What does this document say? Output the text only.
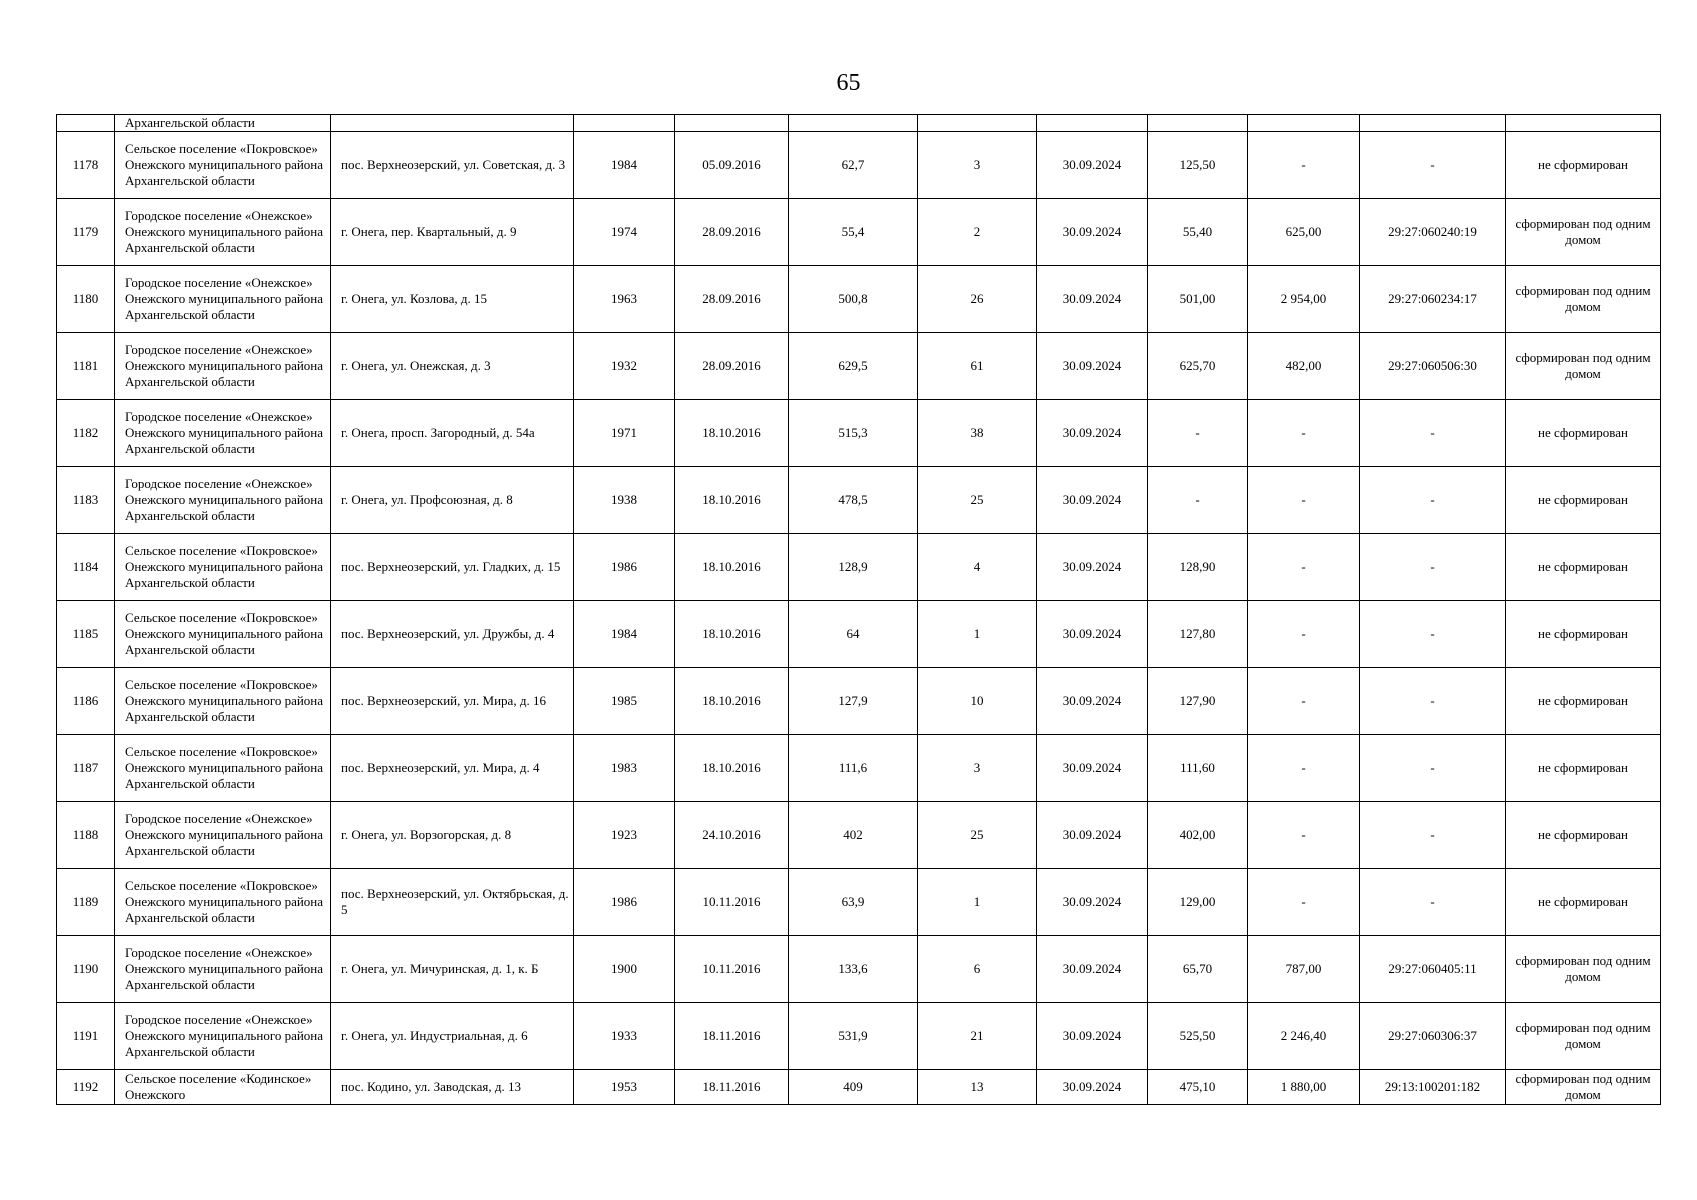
65
	Архангельской области										
1178	Сельское поселение «Покровское» Онежского муниципального района Архангельской области	пос. Верхнеозерский, ул. Советская, д. 3	1984	05.09.2016	62,7	3	30.09.2024	125,50	-	-	не сформирован
1179	Городское поселение «Онежское» Онежского муниципального района Архангельской области	г. Онега, пер. Квартальный, д. 9	1974	28.09.2016	55,4	2	30.09.2024	55,40	625,00	29:27:060240:19	сформирован под одним домом
1180	Городское поселение «Онежское» Онежского муниципального района Архангельской области	г. Онега, ул. Козлова, д. 15	1963	28.09.2016	500,8	26	30.09.2024	501,00	2 954,00	29:27:060234:17	сформирован под одним домом
1181	Городское поселение «Онежское» Онежского муниципального района Архангельской области	г. Онега, ул. Онежская, д. 3	1932	28.09.2016	629,5	61	30.09.2024	625,70	482,00	29:27:060506:30	сформирован под одним домом
1182	Городское поселение «Онежское» Онежского муниципального района Архангельской области	г. Онега, просп. Загородный, д. 54а	1971	18.10.2016	515,3	38	30.09.2024	-	-	-	не сформирован
1183	Городское поселение «Онежское» Онежского муниципального района Архангельской области	г. Онега, ул. Профсоюзная, д. 8	1938	18.10.2016	478,5	25	30.09.2024	-	-	-	не сформирован
1184	Сельское поселение «Покровское» Онежского муниципального района Архангельской области	пос. Верхнеозерский, ул. Гладких, д. 15	1986	18.10.2016	128,9	4	30.09.2024	128,90	-	-	не сформирован
1185	Сельское поселение «Покровское» Онежского муниципального района Архангельской области	пос. Верхнеозерский, ул. Дружбы, д. 4	1984	18.10.2016	64	1	30.09.2024	127,80	-	-	не сформирован
1186	Сельское поселение «Покровское» Онежского муниципального района Архангельской области	пос. Верхнеозерский, ул. Мира, д. 16	1985	18.10.2016	127,9	10	30.09.2024	127,90	-	-	не сформирован
1187	Сельское поселение «Покровское» Онежского муниципального района Архангельской области	пос. Верхнеозерский, ул. Мира, д. 4	1983	18.10.2016	111,6	3	30.09.2024	111,60	-	-	не сформирован
1188	Городское поселение «Онежское» Онежского муниципального района Архангельской области	г. Онега, ул. Ворзогорская, д. 8	1923	24.10.2016	402	25	30.09.2024	402,00	-	-	не сформирован
1189	Сельское поселение «Покровское» Онежского муниципального района Архангельской области	пос. Верхнеозерский, ул. Октябрьская, д. 5	1986	10.11.2016	63,9	1	30.09.2024	129,00	-	-	не сформирован
1190	Городское поселение «Онежское» Онежского муниципального района Архангельской области	г. Онега, ул. Мичуринская, д. 1, к. Б	1900	10.11.2016	133,6	6	30.09.2024	65,70	787,00	29:27:060405:11	сформирован под одним домом
1191	Городское поселение «Онежское» Онежского муниципального района Архангельской области	г. Онега, ул. Индустриальная, д. 6	1933	18.11.2016	531,9	21	30.09.2024	525,50	2 246,40	29:27:060306:37	сформирован под одним домом
1192	Сельское поселение «Кодинское» Онежского	пос. Кодино, ул. Заводская, д. 13	1953	18.11.2016	409	13	30.09.2024	475,10	1 880,00	29:13:100201:182	сформирован под одним домом
